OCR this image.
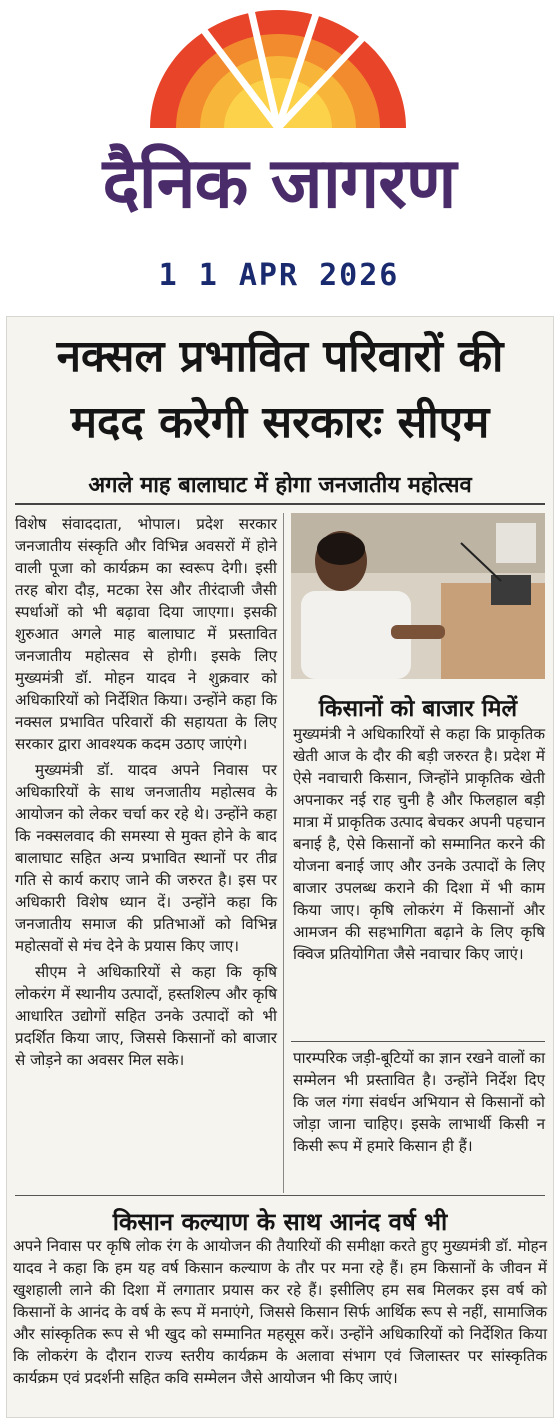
दैनिक जागरण
1 1 APR 2026
नक्सल प्रभावित परिवारों की
मदद करेगी सरकारः सीएम
अगले माह बालाघाट में होगा जनजातीय महोत्सव

विशेष संवाददाता, भोपाल। प्रदेश सरकार जनजातीय संस्कृति और विभिन्न अवसरों में होने वाली पूजा को कार्यक्रम का स्वरूप देगी। इसी तरह बोरा दौड़, मटका रेस और तीरंदाजी जैसी स्पर्धाओं को भी बढ़ावा दिया जाएगा। इसकी शुरुआत अगले माह बालाघाट में प्रस्तावित जनजातीय महोत्सव से होगी। इसके लिए मुख्यमंत्री डॉ. मोहन यादव ने शुक्रवार को अधिकारियों को निर्देशित किया। उन्होंने कहा कि नक्सल प्रभावित परिवारों की सहायता के लिए सरकार द्वारा आवश्यक कदम उठाए जाएंगे।

मुख्यमंत्री डॉ. यादव अपने निवास पर अधिकारियों के साथ जनजातीय महोत्सव के आयोजन को लेकर चर्चा कर रहे थे। उन्होंने कहा कि नक्सलवाद की समस्या से मुक्त होने के बाद बालाघाट सहित अन्य प्रभावित स्थानों पर तीव्र गति से कार्य कराए जाने की जरुरत है। इस पर अधिकारी विशेष ध्यान दें। उन्होंने कहा कि जनजातीय समाज की प्रतिभाओं को विभिन्न महोत्सवों से मंच देने के प्रयास किए जाए।

सीएम ने अधिकारियों से कहा कि कृषि लोकरंग में स्थानीय उत्पादों, हस्तशिल्प और कृषि आधारित उद्योगों सहित उनके उत्पादों को भी प्रदर्शित किया जाए, जिससे किसानों को बाजार से जोड़ने का अवसर मिल सके।

किसानों को बाजार मिलें
मुख्यमंत्री ने अधिकारियों से कहा कि प्राकृतिक खेती आज के दौर की बड़ी जरुरत है। प्रदेश में ऐसे नवाचारी किसान, जिन्होंने प्राकृतिक खेती अपनाकर नई राह चुनी है और फिलहाल बड़ी मात्रा में प्राकृतिक उत्पाद बेचकर अपनी पहचान बनाई है, ऐसे किसानों को सम्मानित करने की योजना बनाई जाए और उनके उत्पादों के लिए बाजार उपलब्ध कराने की दिशा में भी काम किया जाए। कृषि लोकरंग में किसानों और आमजन की सहभागिता बढ़ाने के लिए कृषि क्विज प्रतियोगिता जैसे नवाचार किए जाएं।
पारम्परिक जड़ी-बूटियों का ज्ञान रखने वालों का सम्मेलन भी प्रस्तावित है। उन्होंने निर्देश दिए कि जल गंगा संवर्धन अभियान से किसानों को जोड़ा जाना चाहिए। इसके लाभार्थी किसी न किसी रूप में हमारे किसान ही हैं।
किसान कल्याण के साथ आनंद वर्ष भी
अपने निवास पर कृषि लोक रंग के आयोजन की तैयारियों की समीक्षा करते हुए मुख्यमंत्री डॉ. मोहन यादव ने कहा कि हम यह वर्ष किसान कल्याण के तौर पर मना रहे हैं। हम किसानों के जीवन में खुशहाली लाने की दिशा में लगातार प्रयास कर रहे हैं। इसीलिए हम सब मिलकर इस वर्ष को किसानों के आनंद के वर्ष के रूप में मनाएंगे, जिससे किसान सिर्फ आर्थिक रूप से नहीं, सामाजिक और सांस्कृतिक रूप से भी खुद को सम्मानित महसूस करें। उन्होंने अधिकारियों को निर्देशित किया कि लोकरंग के दौरान राज्य स्तरीय कार्यक्रम के अलावा संभाग एवं जिलास्तर पर सांस्कृतिक कार्यक्रम एवं प्रदर्शनी सहित कवि सम्मेलन जैसे आयोजन भी किए जाएं।
